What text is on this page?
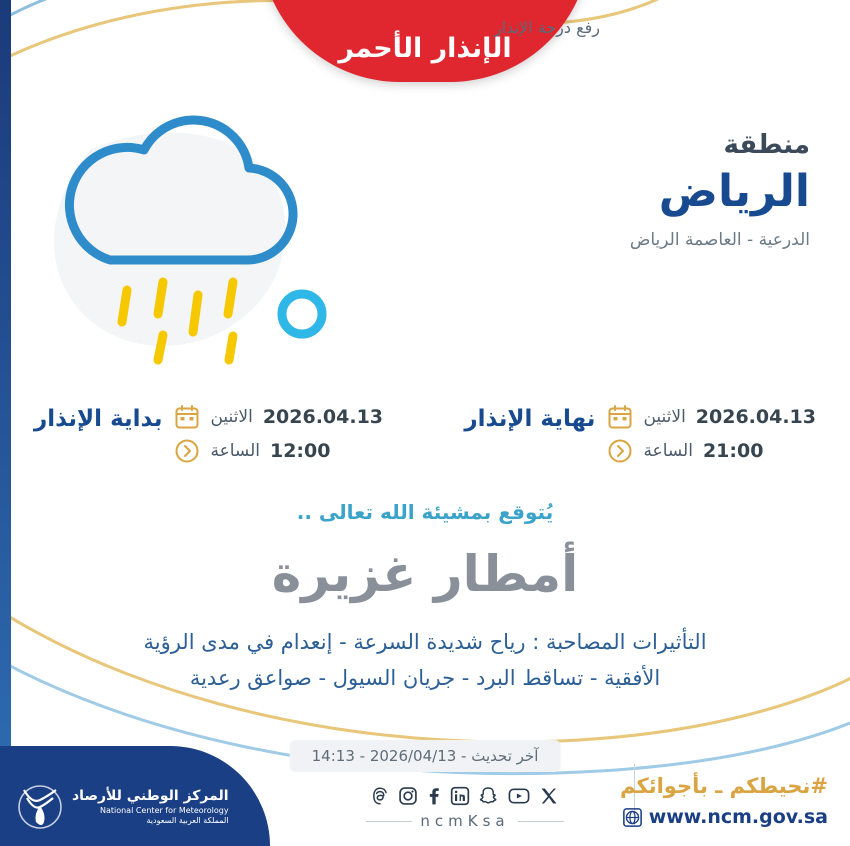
الإنذار الأحمر
رفع درجة الإنذار
منطقة
الرياض
الدرعية - العاصمة الرياض
2026.04.13
الاثنين
21:00
الساعة
نهاية الإنذار
2026.04.13
الاثنين
12:00
الساعة
بداية الإنذار
يُتوقع بمشيئة الله تعالى ..
أمطار غزيرة
التأثيرات المصاحبة : رياح شديدة السرعة - إنعدام في مدى الرؤية
الأفقية - تساقط البرد - جريان السيول - صواعق رعدية
آخر تحديث - 2026/04/13 - 14:13
المركز الوطني للأرصاد
National Center for Meteorology
المملكة العربية السعودية	ncmKsa
#نحيطكم ـ بأجوائكم
www.ncm.gov.sa
